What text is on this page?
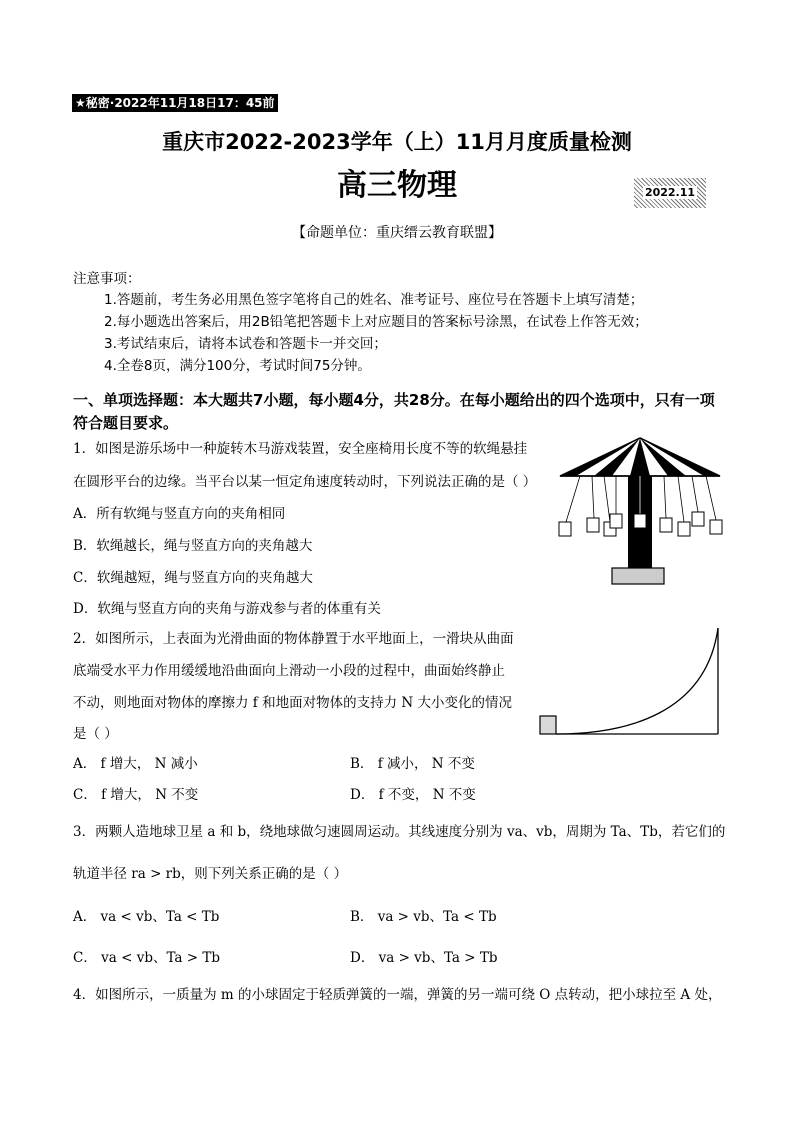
★秘密·2022年11月18日17：45前
重庆市2022-2023学年（上）11月月度质量检测
高三物理	2022.11
【命题单位：重庆缙云教育联盟】
注意事项：
1.答题前，考生务必用黑色签字笔将自己的姓名、准考证号、座位号在答题卡上填写清楚；
2.每小题选出答案后，用2B铅笔把答题卡上对应题目的答案标号涂黑，在试卷上作答无效；
3.考试结束后，请将本试卷和答题卡一并交回；
4.全卷8页，满分100分，考试时间75分钟。
一、单项选择题：本大题共7小题，每小题4分，共28分。在每小题给出的四个选项中，只有一项符合题目要求。
1．如图是游乐场中一种旋转木马游戏装置，安全座椅用长度不等的软绳悬挂
在圆形平台的边缘。当平台以某一恒定角速度转动时，下列说法正确的是（ ）
A．所有软绳与竖直方向的夹角相同
B．软绳越长，绳与竖直方向的夹角越大
C．软绳越短，绳与竖直方向的夹角越大
D．软绳与竖直方向的夹角与游戏参与者的体重有关
2．如图所示，上表面为光滑曲面的物体静置于水平地面上，一滑块从曲面
底端受水平力作用缓缓地沿曲面向上滑动一小段的过程中，曲面始终静止
不动，则地面对物体的摩擦力 f 和地面对物体的支持力 N 大小变化的情况
是（ ）
A． f 增大， N 减小	B． f 减小， N 不变
C． f 增大， N 不变	D． f 不变， N 不变
3．两颗人造地球卫星 a 和 b，绕地球做匀速圆周运动。其线速度分别为 va、vb，周期为 Ta、Tb，若它们的
轨道半径 ra > rb，则下列关系正确的是（ ）
A． va < vb、Ta < Tb	B． va > vb、Ta < Tb
C． va < vb、Ta > Tb	D． va > vb、Ta > Tb
4．如图所示，一质量为 m 的小球固定于轻质弹簧的一端，弹簧的另一端可绕 O 点转动，把小球拉至 A 处，
